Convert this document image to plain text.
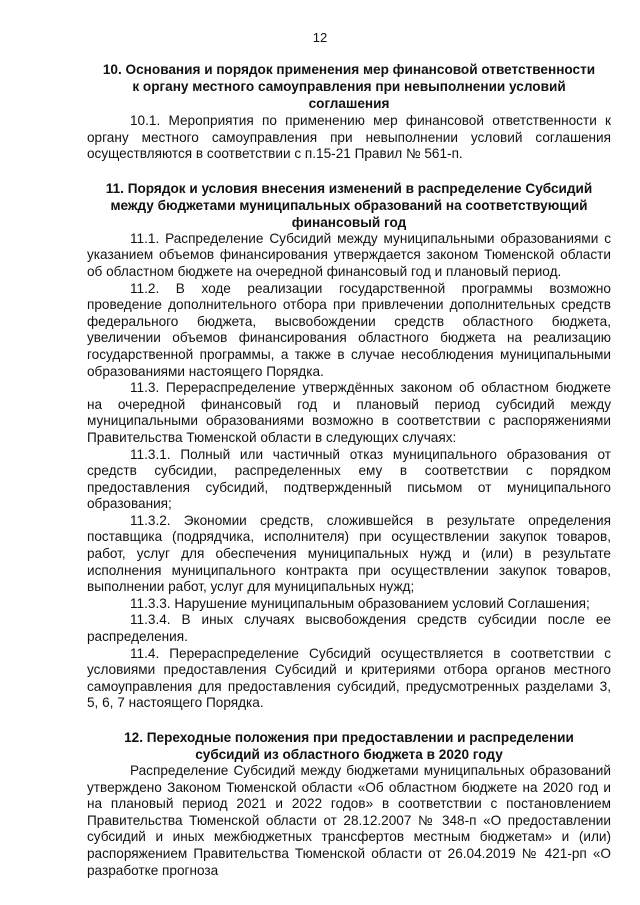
12

10. Основания и порядок применения мер финансовой ответственности к органу местного самоуправления при невыполнении условий соглашения

10.1. Мероприятия по применению мер финансовой ответственности к органу местного самоуправления при невыполнении условий соглашения осуществляются в соответствии с п.15-21 Правил № 561-п.

11. Порядок и условия внесения изменений в распределение Субсидий между бюджетами муниципальных образований на соответствующий финансовый год

11.1. Распределение Субсидий между муниципальными образованиями с указанием объемов финансирования утверждается законом Тюменской области об областном бюджете на очередной финансовый год и плановый период.

11.2. В ходе реализации государственной программы возможно проведение дополнительного отбора при привлечении дополнительных средств федерального бюджета, высвобождении средств областного бюджета, увеличении объемов финансирования областного бюджета на реализацию государственной программы, а также в случае несоблюдения муниципальными образованиями настоящего Порядка.

11.3. Перераспределение утверждённых законом об областном бюджете на очередной финансовый год и плановый период субсидий между муниципальными образованиями возможно в соответствии с распоряжениями Правительства Тюменской области в следующих случаях:

11.3.1. Полный или частичный отказ муниципального образования от средств субсидии, распределенных ему в соответствии с порядком предоставления субсидий, подтвержденный письмом от муниципального образования;

11.3.2. Экономии средств, сложившейся в результате определения поставщика (подрядчика, исполнителя) при осуществлении закупок товаров, работ, услуг для обеспечения муниципальных нужд и (или) в результате исполнения муниципального контракта при осуществлении закупок товаров, выполнении работ, услуг для муниципальных нужд;

11.3.3. Нарушение муниципальным образованием условий Соглашения;

11.3.4. В иных случаях высвобождения средств субсидии после ее распределения.

11.4. Перераспределение Субсидий осуществляется в соответствии с условиями предоставления Субсидий и критериями отбора органов местного самоуправления для предоставления субсидий, предусмотренных разделами 3, 5, 6, 7 настоящего Порядка.

12. Переходные положения при предоставлении и распределении субсидий из областного бюджета в 2020 году

Распределение Субсидий между бюджетами муниципальных образований утверждено Законом Тюменской области «Об областном бюджете на 2020 год и на плановый период 2021 и 2022 годов» в соответствии с постановлением Правительства Тюменской области от 28.12.2007 № 348-п «О предоставлении субсидий и иных межбюджетных трансфертов местным бюджетам» и (или) распоряжением Правительства Тюменской области от 26.04.2019 № 421-рп «О разработке прогноза
